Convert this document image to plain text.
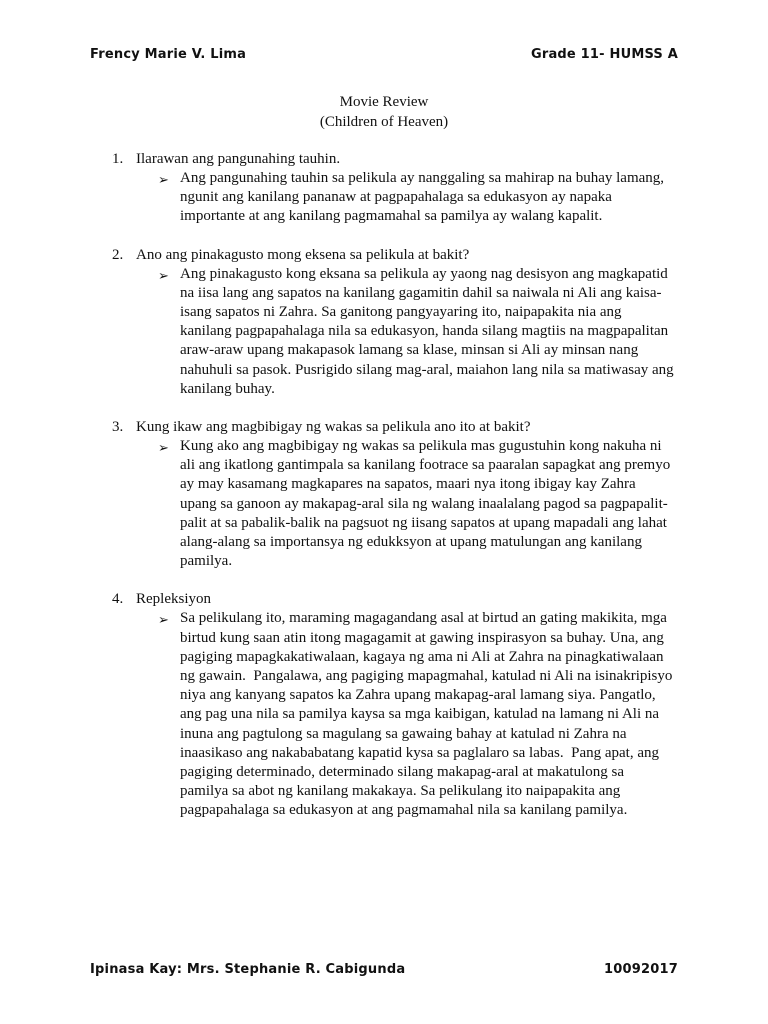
Frency Marie V. Lima	Grade 11- HUMSS A
Movie Review
(Children of Heaven)
1. Ilarawan ang pangunahing tauhin.
➢ Ang pangunahing tauhin sa pelikula ay nanggaling sa mahirap na buhay lamang,
ngunit ang kanilang pananaw at pagpapahalaga sa edukasyon ay napaka
importante at ang kanilang pagmamahal sa pamilya ay walang kapalit.
2. Ano ang pinakagusto mong eksena sa pelikula at bakit?
➢ Ang pinakagusto kong eksana sa pelikula ay yaong nag desisyon ang magkapatid
na iisa lang ang sapatos na kanilang gagamitin dahil sa naiwala ni Ali ang kaisa-
isang sapatos ni Zahra. Sa ganitong pangyayaring ito, naipapakita nia ang
kanilang pagpapahalaga nila sa edukasyon, handa silang magtiis na magpapalitan
araw-araw upang makapasok lamang sa klase, minsan si Ali ay minsan nang
nahuhuli sa pasok. Pusrigido silang mag-aral, maiahon lang nila sa matiwasay ang
kanilang buhay.
3. Kung ikaw ang magbibigay ng wakas sa pelikula ano ito at bakit?
➢ Kung ako ang magbibigay ng wakas sa pelikula mas gugustuhin kong nakuha ni
ali ang ikatlong gantimpala sa kanilang footrace sa paaralan sapagkat ang premyo
ay may kasamang magkapares na sapatos, maari nya itong ibigay kay Zahra
upang sa ganoon ay makapag-aral sila ng walang inaalalang pagod sa pagpapalit-
palit at sa pabalik-balik na pagsuot ng iisang sapatos at upang mapadali ang lahat
alang-alang sa importansya ng edukksyon at upang matulungan ang kanilang
pamilya.
4. Repleksiyon
➢ Sa pelikulang ito, maraming magagandang asal at birtud an gating makikita, mga
birtud kung saan atin itong magagamit at gawing inspirasyon sa buhay. Una, ang
pagiging mapagkakatiwalaan, kagaya ng ama ni Ali at Zahra na pinagkatiwalaan
ng gawain.  Pangalawa, ang pagiging mapagmahal, katulad ni Ali na isinakripisyo
niya ang kanyang sapatos ka Zahra upang makapag-aral lamang siya. Pangatlo,
ang pag una nila sa pamilya kaysa sa mga kaibigan, katulad na lamang ni Ali na
inuna ang pagtulong sa magulang sa gawaing bahay at katulad ni Zahra na
inaasikaso ang nakababatang kapatid kysa sa paglalaro sa labas.  Pang apat, ang
pagiging determinado, determinado silang makapag-aral at makatulong sa
pamilya sa abot ng kanilang makakaya. Sa pelikulang ito naipapakita ang
pagpapahalaga sa edukasyon at ang pagmamahal nila sa kanilang pamilya.
Ipinasa Kay: Mrs. Stephanie R. Cabigunda	10092017
